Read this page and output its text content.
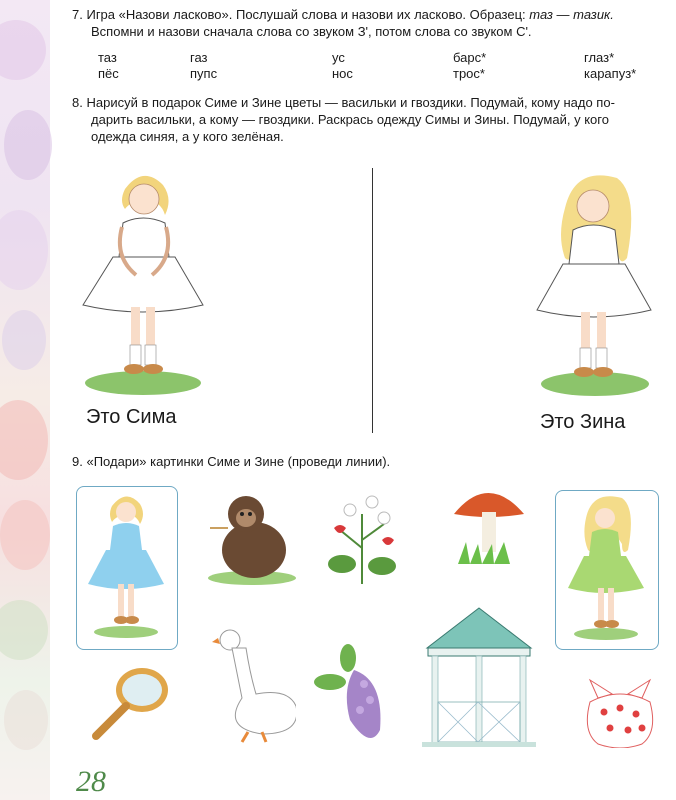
7. Игра «Назови ласково». Послушай слова и назови их ласково. Образец: таз — тазик.
Вспомни и назови сначала слова со звуком З', потом слова со звуком С'.
таз
пёс
газ
пупс
ус
нос
барс*
трос*
глаз*
карапуз*
8. Нарисуй в подарок Симе и Зине цветы — васильки и гвоздики. Подумай, кому надо по-
дарить васильки, а кому — гвоздики. Раскрась одежду Симы и Зины. Подумай, у кого
одежда синяя, а у кого зелёная.
Это Сима	Это Зина
9. «Подари» картинки Симе и Зине (проведи линии).
28
